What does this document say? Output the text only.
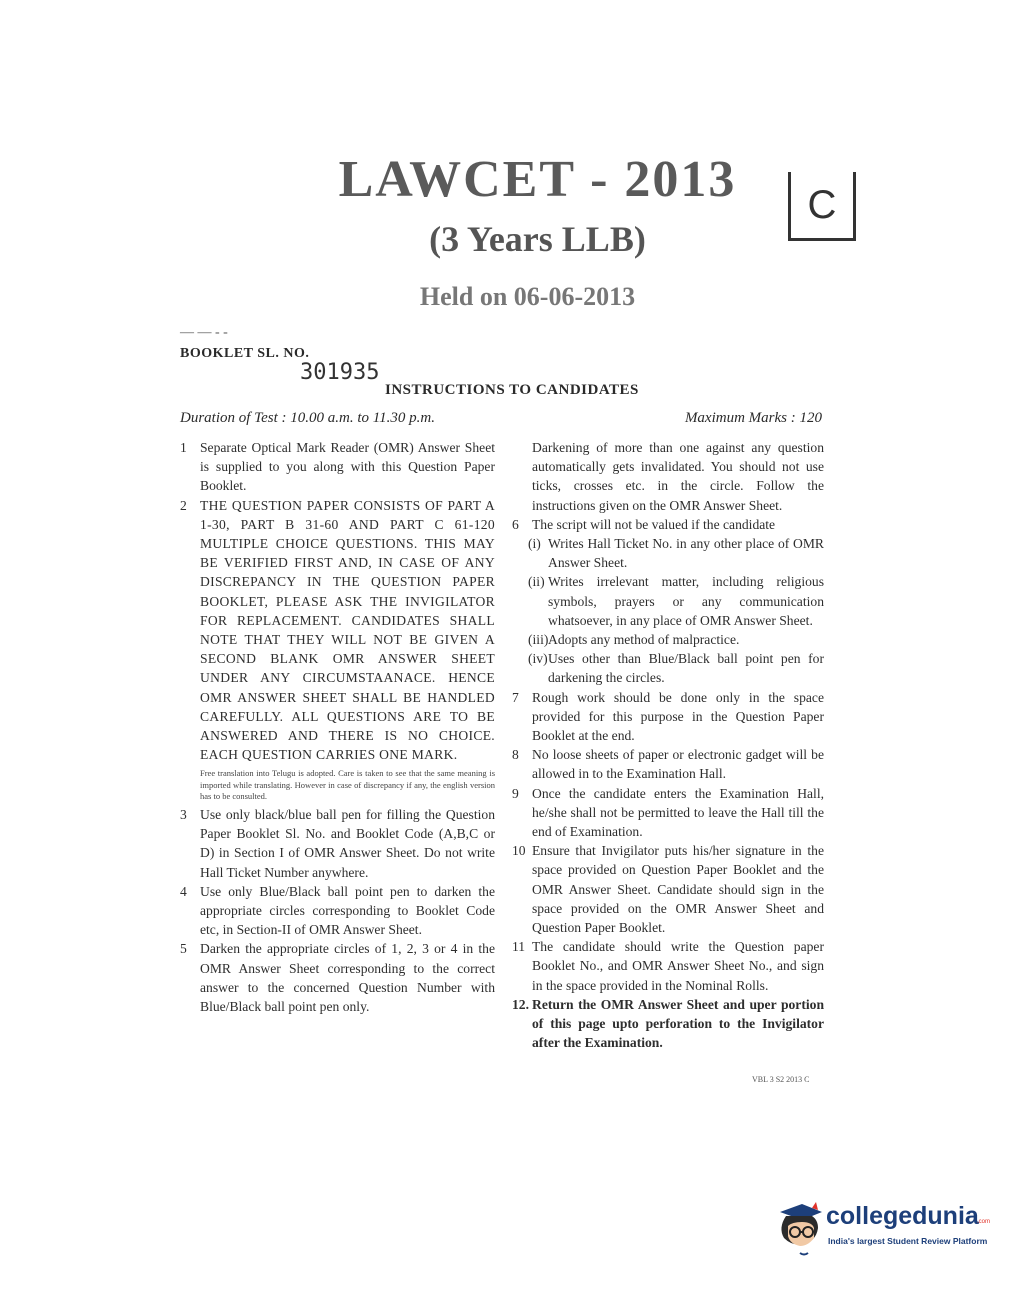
LAWCET - 2013
(3 Years LLB)
Held on 06-06-2013
C
— — - -
BOOKLET SL. NO.
301935
INSTRUCTIONS TO CANDIDATES
Duration of Test : 10.00 a.m. to 11.30 p.m.	Maximum Marks : 120
1 Separate Optical Mark Reader (OMR) Answer Sheet is supplied to you along with this Question Paper Booklet.
2 THE QUESTION PAPER CONSISTS OF PART A 1-30, PART B 31-60 AND PART C 61-120 MULTIPLE CHOICE QUESTIONS. THIS MAY BE VERIFIED FIRST AND, IN CASE OF ANY DISCREPANCY IN THE QUESTION PAPER BOOKLET, PLEASE ASK THE INVIGILATOR FOR REPLACEMENT. CANDIDATES SHALL NOTE THAT THEY WILL NOT BE GIVEN A SECOND BLANK OMR ANSWER SHEET UNDER ANY CIRCUMSTAANACE. HENCE OMR ANSWER SHEET SHALL BE HANDLED CAREFULLY. ALL QUESTIONS ARE TO BE ANSWERED AND THERE IS NO CHOICE. EACH QUESTION CARRIES ONE MARK.
Free translation into Telugu is adopted. Care is taken to see that the same meaning is imported while translating. However in case of discrepancy if any, the english version has to be consulted.
3 Use only black/blue ball pen for filling the Question Paper Booklet Sl. No. and Booklet Code (A,B,C or D) in Section I of OMR Answer Sheet. Do not write Hall Ticket Number anywhere.
4 Use only Blue/Black ball point pen to darken the appropriate circles corresponding to Booklet Code etc, in Section-II of OMR Answer Sheet.
5 Darken the appropriate circles of 1, 2, 3 or 4 in the OMR Answer Sheet corresponding to the correct answer to the concerned Question Number with Blue/Black ball point pen only.
Darkening of more than one against any question automatically gets invalidated. You should not use ticks, crosses etc. in the circle. Follow the instructions given on the OMR Answer Sheet.
6 The script will not be valued if the candidate
(i) Writes Hall Ticket No. in any other place of OMR Answer Sheet.
(ii) Writes irrelevant matter, including religious symbols, prayers or any communication whatsoever, in any place of OMR Answer Sheet.
(iii) Adopts any method of malpractice.
(iv) Uses other than Blue/Black ball point pen for darkening the circles.
7 Rough work should be done only in the space provided for this purpose in the Question Paper Booklet at the end.
8 No loose sheets of paper or electronic gadget will be allowed in to the Examination Hall.
9 Once the candidate enters the Examination Hall, he/she shall not be permitted to leave the Hall till the end of Examination.
10 Ensure that Invigilator puts his/her signature in the space provided on Question Paper Booklet and the OMR Answer Sheet. Candidate should sign in the space provided on the OMR Answer Sheet and Question Paper Booklet.
11 The candidate should write the Question paper Booklet No., and OMR Answer Sheet No., and sign in the space provided in the Nominal Rolls.
12. Return the OMR Answer Sheet and uper portion of this page upto perforation to the Invigilator after the Examination.
VBL 3 S2 2013 C
collegedunia
.com
India's largest Student Review Platform
